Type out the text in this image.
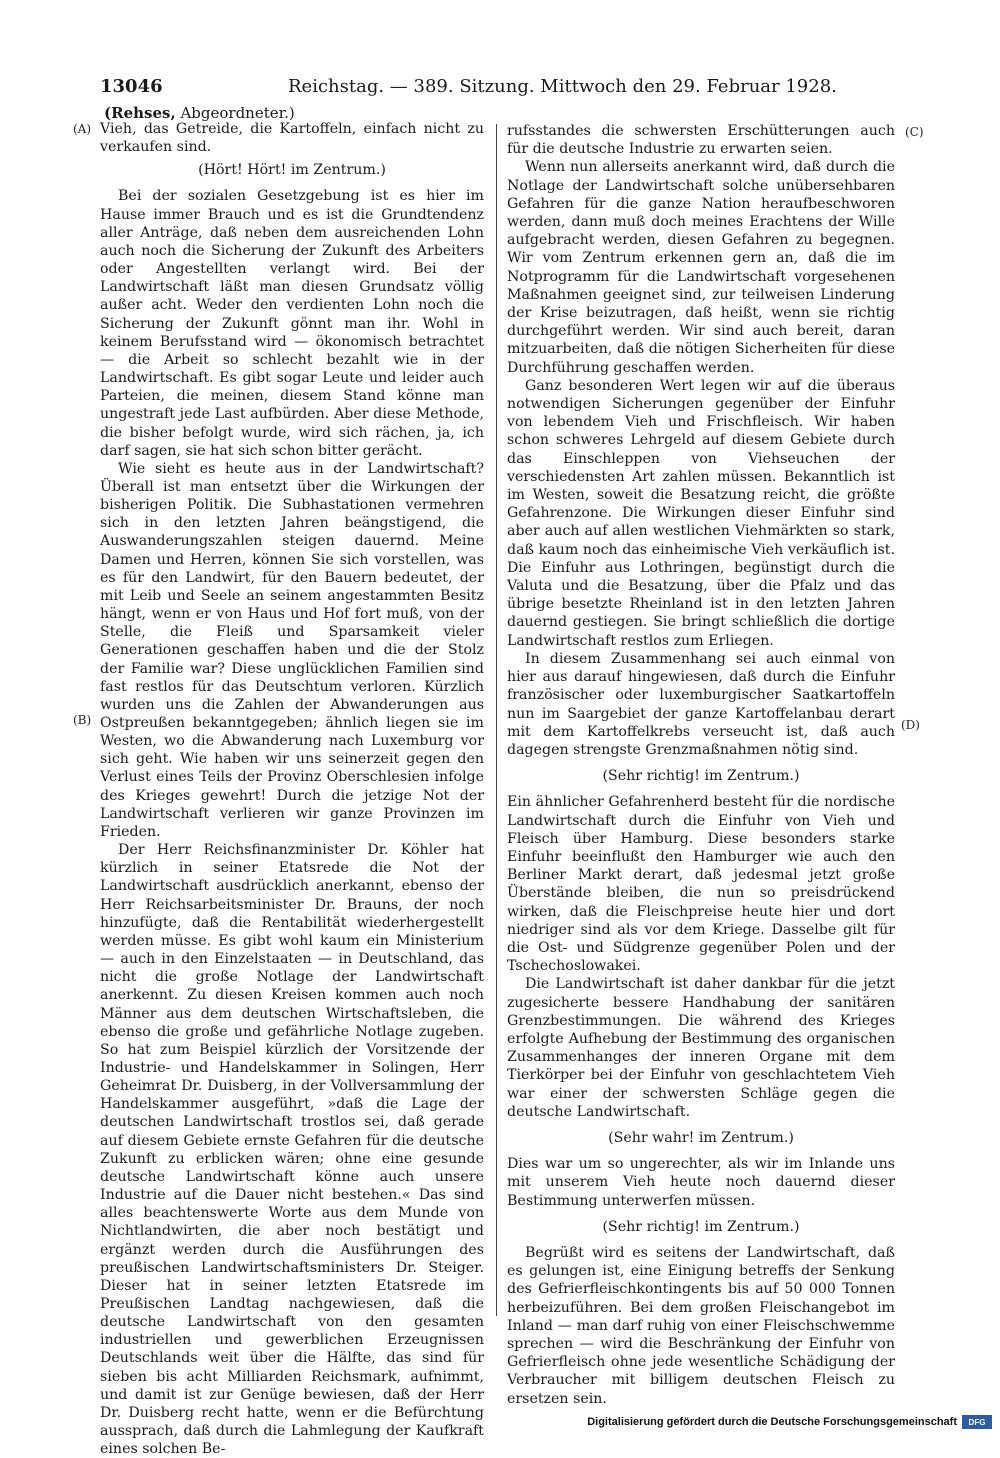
13046	Reichstag. — 389. Sitzung. Mittwoch den 29. Februar 1928.
(Rehses, Abgeordneter.)
(A)
(B)
(C)
(D)

Vieh, das Getreide, die Kartoffeln, einfach nicht zu verkaufen sind.

(Hört! Hört! im Zentrum.)

Bei der sozialen Gesetzgebung ist es hier im Hause immer Brauch und es ist die Grundtendenz aller Anträge, daß neben dem ausreichenden Lohn auch noch die Sicherung der Zukunft des Arbeiters oder Angestellten verlangt wird. Bei der Landwirtschaft läßt man diesen Grundsatz völlig außer acht. Weder den verdienten Lohn noch die Sicherung der Zukunft gönnt man ihr. Wohl in keinem Berufsstand wird — ökonomisch betrachtet — die Arbeit so schlecht bezahlt wie in der Landwirtschaft. Es gibt sogar Leute und leider auch Parteien, die meinen, diesem Stand könne man ungestraft jede Last aufbürden. Aber diese Methode, die bisher befolgt wurde, wird sich rächen, ja, ich darf sagen, sie hat sich schon bitter gerächt.

Wie sieht es heute aus in der Landwirtschaft? Überall ist man entsetzt über die Wirkungen der bisherigen Politik. Die Subhastationen vermehren sich in den letzten Jahren beängstigend, die Auswanderungszahlen steigen dauernd. Meine Damen und Herren, können Sie sich vorstellen, was es für den Landwirt, für den Bauern bedeutet, der mit Leib und Seele an seinem angestammten Besitz hängt, wenn er von Haus und Hof fort muß, von der Stelle, die Fleiß und Sparsamkeit vieler Generationen geschaffen haben und die der Stolz der Familie war? Diese unglücklichen Familien sind fast restlos für das Deutschtum verloren. Kürzlich wurden uns die Zahlen der Abwanderungen aus Ostpreußen bekanntgegeben; ähnlich liegen sie im Westen, wo die Abwanderung nach Luxemburg vor sich geht. Wie haben wir uns seinerzeit gegen den Verlust eines Teils der Provinz Oberschlesien infolge des Krieges gewehrt! Durch die jetzige Not der Landwirtschaft verlieren wir ganze Provinzen im Frieden.

Der Herr Reichsfinanzminister Dr. Köhler hat kürzlich in seiner Etatsrede die Not der Landwirtschaft ausdrücklich anerkannt, ebenso der Herr Reichsarbeitsminister Dr. Brauns, der noch hinzufügte, daß die Rentabilität wiederhergestellt werden müsse. Es gibt wohl kaum ein Ministerium — auch in den Einzelstaaten — in Deutschland, das nicht die große Notlage der Landwirtschaft anerkennt. Zu diesen Kreisen kommen auch noch Männer aus dem deutschen Wirtschaftsleben, die ebenso die große und gefährliche Notlage zugeben. So hat zum Beispiel kürzlich der Vorsitzende der Industrie- und Handelskammer in Solingen, Herr Geheimrat Dr. Duisberg, in der Vollversammlung der Handelskammer ausgeführt, »daß die Lage der deutschen Landwirtschaft trostlos sei, daß gerade auf diesem Gebiete ernste Gefahren für die deutsche Zukunft zu erblicken wären; ohne eine gesunde deutsche Landwirtschaft könne auch unsere Industrie auf die Dauer nicht bestehen.« Das sind alles beachtenswerte Worte aus dem Munde von Nichtlandwirten, die aber noch bestätigt und ergänzt werden durch die Ausführungen des preußischen Landwirtschaftsministers Dr. Steiger. Dieser hat in seiner letzten Etatsrede im Preußischen Landtag nachgewiesen, daß die deutsche Landwirtschaft von den gesamten industriellen und gewerblichen Erzeugnissen Deutschlands weit über die Hälfte, das sind für sieben bis acht Milliarden Reichsmark, aufnimmt, und damit ist zur Genüge bewiesen, daß der Herr Dr. Duisberg recht hatte, wenn er die Befürchtung aussprach, daß durch die Lahmlegung der Kaufkraft eines solchen Be-

rufsstandes die schwersten Erschütterungen auch für die deutsche Industrie zu erwarten seien.

Wenn nun allerseits anerkannt wird, daß durch die Notlage der Landwirtschaft solche unübersehbaren Gefahren für die ganze Nation heraufbeschworen werden, dann muß doch meines Erachtens der Wille aufgebracht werden, diesen Gefahren zu begegnen. Wir vom Zentrum erkennen gern an, daß die im Notprogramm für die Landwirtschaft vorgesehenen Maßnahmen geeignet sind, zur teilweisen Linderung der Krise beizutragen, daß heißt, wenn sie richtig durchgeführt werden. Wir sind auch bereit, daran mitzuarbeiten, daß die nötigen Sicherheiten für diese Durchführung geschaffen werden.

Ganz besonderen Wert legen wir auf die überaus notwendigen Sicherungen gegenüber der Einfuhr von lebendem Vieh und Frischfleisch. Wir haben schon schweres Lehrgeld auf diesem Gebiete durch das Einschleppen von Viehseuchen der verschiedensten Art zahlen müssen. Bekanntlich ist im Westen, soweit die Besatzung reicht, die größte Gefahrenzone. Die Wirkungen dieser Einfuhr sind aber auch auf allen westlichen Viehmärkten so stark, daß kaum noch das einheimische Vieh verkäuflich ist. Die Einfuhr aus Lothringen, begünstigt durch die Valuta und die Besatzung, über die Pfalz und das übrige besetzte Rheinland ist in den letzten Jahren dauernd gestiegen. Sie bringt schließlich die dortige Landwirtschaft restlos zum Erliegen.

In diesem Zusammenhang sei auch einmal von hier aus darauf hingewiesen, daß durch die Einfuhr französischer oder luxemburgischer Saatkartoffeln nun im Saargebiet der ganze Kartoffelanbau derart mit dem Kartoffelkrebs verseucht ist, daß auch dagegen strengste Grenzmaßnahmen nötig sind.

(Sehr richtig! im Zentrum.)

Ein ähnlicher Gefahrenherd besteht für die nordische Landwirtschaft durch die Einfuhr von Vieh und Fleisch über Hamburg. Diese besonders starke Einfuhr beeinflußt den Hamburger wie auch den Berliner Markt derart, daß jedesmal jetzt große Überstände bleiben, die nun so preisdrückend wirken, daß die Fleischpreise heute hier und dort niedriger sind als vor dem Kriege. Dasselbe gilt für die Ost- und Südgrenze gegenüber Polen und der Tschechoslowakei.

Die Landwirtschaft ist daher dankbar für die jetzt zugesicherte bessere Handhabung der sanitären Grenzbestimmungen. Die während des Krieges erfolgte Aufhebung der Bestimmung des organischen Zusammenhanges der inneren Organe mit dem Tierkörper bei der Einfuhr von geschlachtetem Vieh war einer der schwersten Schläge gegen die deutsche Landwirtschaft.

(Sehr wahr! im Zentrum.)

Dies war um so ungerechter, als wir im Inlande uns mit unserem Vieh heute noch dauernd dieser Bestimmung unterwerfen müssen.

(Sehr richtig! im Zentrum.)

Begrüßt wird es seitens der Landwirtschaft, daß es gelungen ist, eine Einigung betreffs der Senkung des Gefrierfleischkontingents bis auf 50 000 Tonnen herbeizuführen. Bei dem großen Fleischangebot im Inland — man darf ruhig von einer Fleischschwemme sprechen — wird die Beschränkung der Einfuhr von Gefrierfleisch ohne jede wesentliche Schädigung der Verbraucher mit billigem deutschen Fleisch zu ersetzen sein.

Digitalisierung gefördert durch die Deutsche Forschungsgemeinschaft	DFG
